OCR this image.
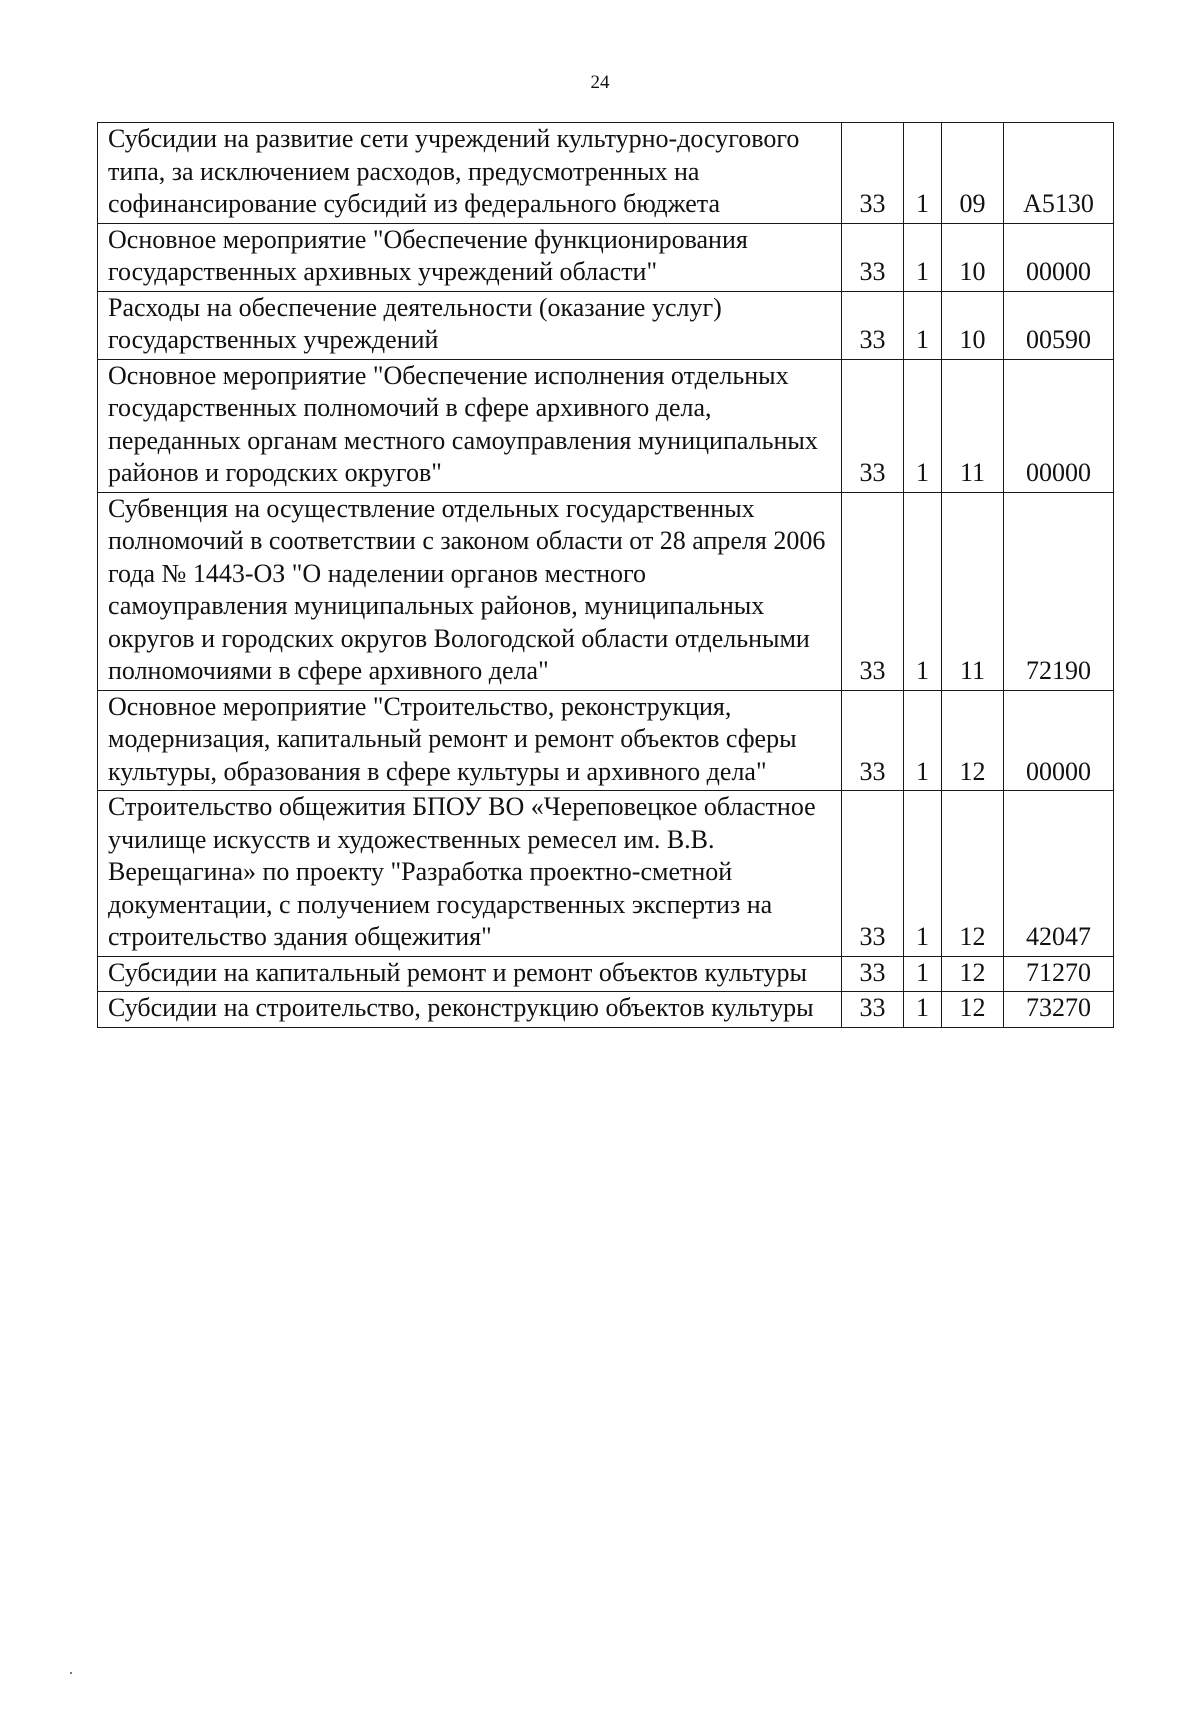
24
Субсидии на развитие сети учреждений культурно-досугового типа, за исключением расходов, предусмотренных на софинансирование субсидий из федерального бюджета	33	1	09	А5130
Основное мероприятие "Обеспечение функционирования государственных архивных учреждений области"	33	1	10	00000
Расходы на обеспечение деятельности (оказание услуг) государственных учреждений	33	1	10	00590
Основное мероприятие "Обеспечение исполнения отдельных государственных полномочий в сфере архивного дела, переданных органам местного самоуправления муниципальных районов и городских округов"	33	1	11	00000
Субвенция на осуществление отдельных государственных полномочий в соответствии с законом области от 28 апреля 2006 года № 1443-ОЗ "О наделении органов местного самоуправления муниципальных районов, муниципальных округов и городских округов Вологодской области отдельными полномочиями в сфере архивного дела"	33	1	11	72190
Основное мероприятие "Строительство, реконструкция, модернизация, капитальный ремонт и ремонт объектов сферы культуры, образования в сфере культуры и архивного дела"	33	1	12	00000
Строительство общежития БПОУ ВО «Череповецкое областное училище искусств и художественных ремесел им. В.В. Верещагина» по проекту "Разработка проектно-сметной документации, с получением государственных экспертиз на строительство здания общежития"	33	1	12	42047
Субсидии на капитальный ремонт и ремонт объектов культуры	33	1	12	71270
Субсидии на строительство, реконструкцию объектов культуры	33	1	12	73270
